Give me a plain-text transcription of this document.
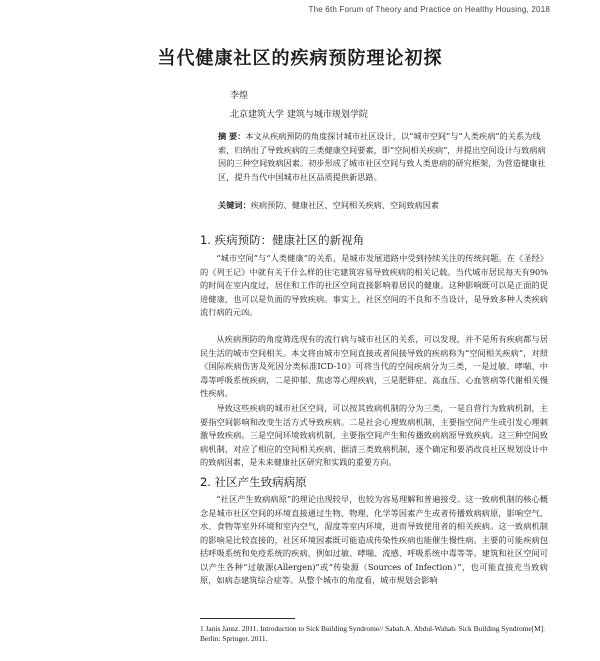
The 6th Forum of Theory and Practice on Healthy Housing, 2018
当代健康社区的疾病预防理论初探
李煌
北京建筑大学 建筑与城市规划学院
摘 要：本文从疾病预防的角度探讨城市社区设计，以“城市空间”与“人类疾病”的关系为线索，归纳出了导致疾病的三类健康空间要素，即“空间相关疾病”，并提出空间设计与致病病因的三种空间致病因素。初步形成了城市社区空间与致人类患病的研究框架，为营造健康社区，提升当代中国城市社区品质提供新思路。
关键词：疾病预防、健康社区、空间相关疾病、空间致病因素
1. 疾病预防：健康社区的新视角
“城市空间”与“人类健康”的关系，是城市发展道路中受到持续关注的传统问题。在《圣经》的《列王记》中就有关于什么样的住宅建筑容易导致疾病的相关记载。当代城市居民每天有90%的时间在室内度过，居住和工作的社区空间直接影响着居民的健康。这种影响既可以是正面的促进健康，也可以是负面的导致疾病。事实上，社区空间的不良和不当设计，是导致多种人类疾病流行病的元凶。
从疾病预防的角度筛选现有的流行病与城市社区的关系，可以发现，并不是所有疾病都与居民生活的城市空间相关。本文将由城市空间直接或者间接导致的疾病称为“空间相关疾病”，对照《国际疾病伤害及死因分类标准ICD-10》可将当代的空间疾病分为三类，一是过敏、哮喘、中毒等呼吸系统疾病，二是抑郁、焦虑等心理疾病，三是肥胖症、高血压、心血管病等代谢相关慢性疾病。
导致这些疾病的城市社区空间，可以按其致病机制的分为三类，一是自营行为致病机制，主要指空间影响和改变生活方式导致疾病。二是社会心理致病机制，主要指空间产生或引发心理刺激导致疾病。三是空间环境致病机制，主要指空间产生和传播致病病原导致疾病。这三种空间致病机制，对应了相应的空间相关疾病、据清三类致病机制，逐个确定和要消改良社区规划设计中的致病因素，是未来健康社区研究和实践的重要方向。
2. 社区产生致病病原
“社区产生致病病原”的理论出现较早，也较为容易理解和普遍接受。这一致病机制的核心概念是城市社区空间的环境直接通过生物、物理、化学等因素产生或者传播致病病原，影响空气、水、食物等室外环境和室内空气，湿度等室内环境，进而导致使用者的相关疾病。这一致病机制的影响是比较直接的，社区环境因素既可能造成传染性疾病也能催生慢性病。主要的可能疾病包括呼吸系统和免疫系统的疾病，例如过敏、哮喘、流感、呼吸系统中毒等等。建筑和社区空间可以产生各种“过敏源(Allergen)”或“传染源（Sources of Infection）”，也可能直接充当致病原，如病态建筑综合症等。从整个城市的角度看，城市规划会影响
1 Janis Jansz. 2011. Introduction to Sick Building Syndrome// Sabah.A. Abdul-Wahab. Sick Building Syndrome[M]. Berlin: Springer. 2011.
